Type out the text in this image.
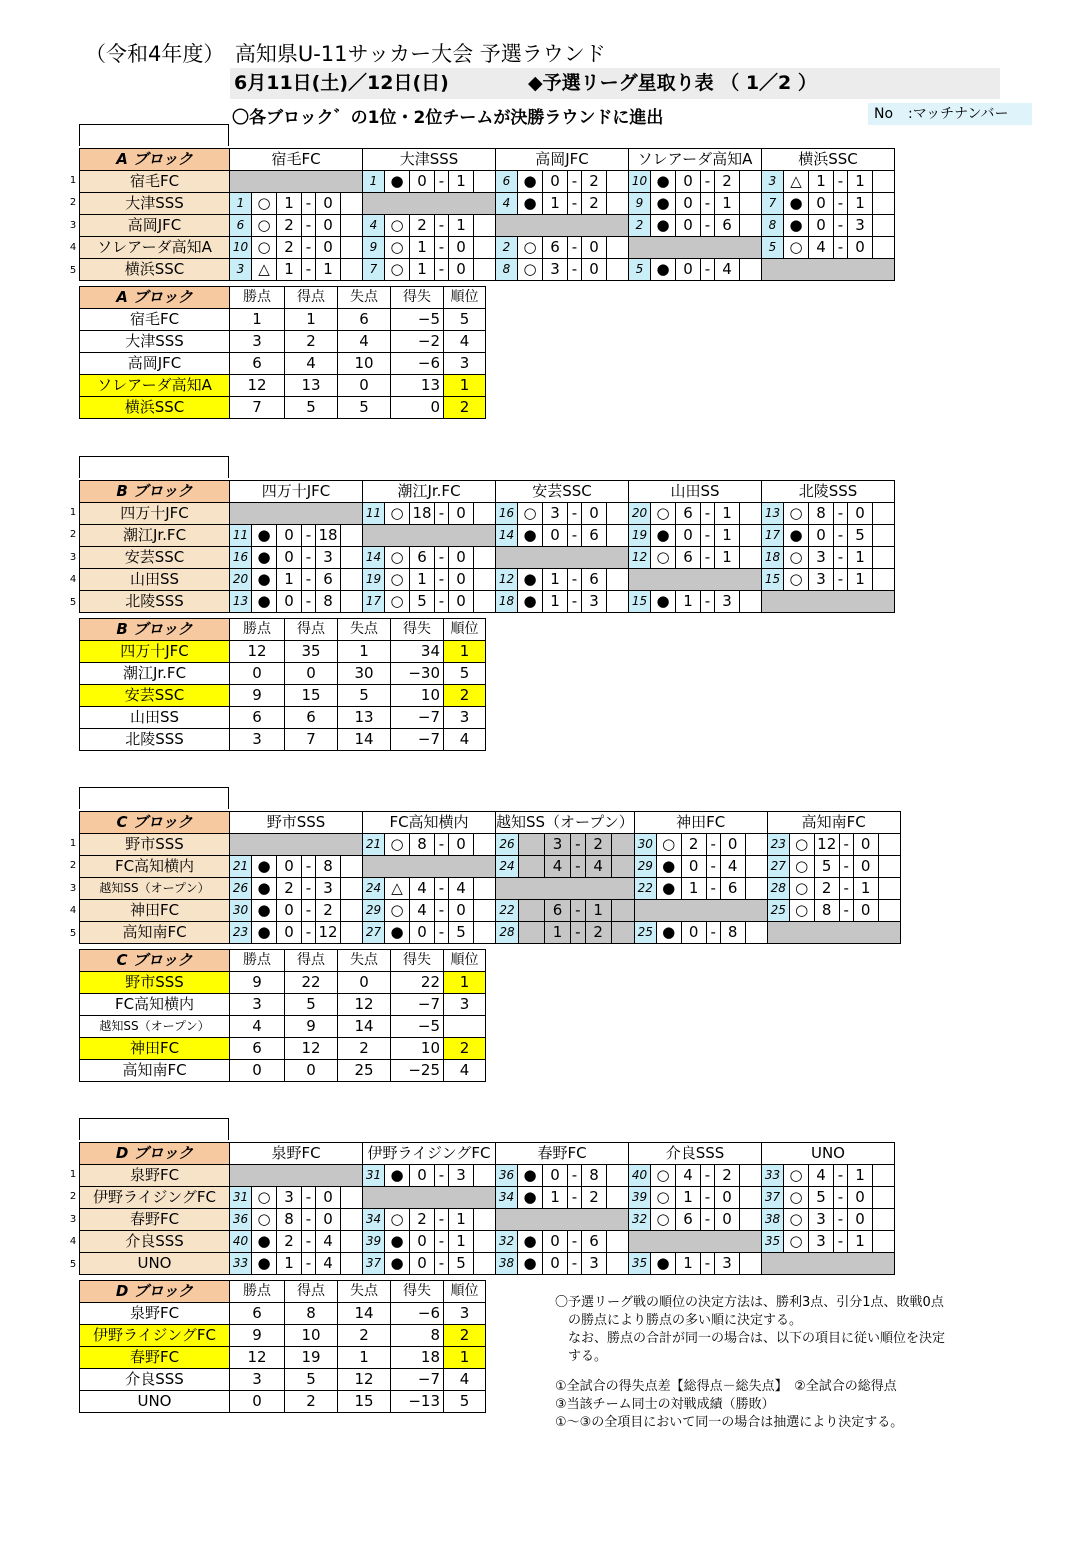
（令和4年度）　高知県U-11サッカー大会 予選ラウンド
6月11日(土)／12日(日)	◆予選リーグ星取り表 （ 1／2 ）
〇各ブロック゛の1位・2位チームが決勝ラウンドに進出	No :マッチナンバー
A ブロック	宿毛FC						大津SSS						高岡JFC						ソレアーダ高知A						横浜SSC					
宿毛FC							1	●	0	-	1		6	●	0	-	2		10	●	0	-	2		3	△	1	-	1	
大津SSS	1	○	1	-	0								4	●	1	-	2		9	●	0	-	1		7	●	0	-	1	
高岡JFC	6	○	2	-	0		4	○	2	-	1								2	●	0	-	6		8	●	0	-	3	
ソレアーダ高知A	10	○	2	-	0		9	○	1	-	0		2	○	6	-	0								5	○	4	-	0	
横浜SSC	3	△	1	-	1		7	○	1	-	0		8	○	3	-	0		5	●	0	-	4							
1
2
3
4
5
A ブロック	勝点	得点	失点	得失	順位
宿毛FC	1	1	6	−5	5
大津SSS	3	2	4	−2	4
高岡JFC	6	4	10	−6	3
ソレアーダ高知A	12	13	0	13	1
横浜SSC	7	5	5	0	2
B ブロック	四万十JFC						潮江Jr.FC						安芸SSC						山田SS						北陵SSS					
四万十JFC							11	○	18	-	0		16	○	3	-	0		20	○	6	-	1		13	○	8	-	0	
潮江Jr.FC	11	●	0	-	18								14	●	0	-	6		19	●	0	-	1		17	●	0	-	5	
安芸SSC	16	●	0	-	3		14	○	6	-	0								12	○	6	-	1		18	○	3	-	1	
山田SS	20	●	1	-	6		19	○	1	-	0		12	●	1	-	6								15	○	3	-	1	
北陵SSS	13	●	0	-	8		17	○	5	-	0		18	●	1	-	3		15	●	1	-	3							
1
2
3
4
5
B ブロック	勝点	得点	失点	得失	順位
四万十JFC	12	35	1	34	1
潮江Jr.FC	0	0	30	−30	5
安芸SSC	9	15	5	10	2
山田SS	6	6	13	−7	3
北陵SSS	3	7	14	−7	4
C ブロック	野市SSS						FC高知横内						越知SS（オープン）						神田FC						高知南FC					
野市SSS							21	○	8	-	0		26		3	-	2		30	○	2	-	0		23	○	12	-	0	
FC高知横内	21	●	0	-	8								24		4	-	4		29	●	0	-	4		27	○	5	-	0	
越知SS（オープン）	26	●	2	-	3		24	△	4	-	4								22	●	1	-	6		28	○	2	-	1	
神田FC	30	●	0	-	2		29	○	4	-	0		22		6	-	1								25	○	8	-	0	
高知南FC	23	●	0	-	12		27	●	0	-	5		28		1	-	2		25	●	0	-	8							
1
2
3
4
5
C ブロック	勝点	得点	失点	得失	順位
野市SSS	9	22	0	22	1
FC高知横内	3	5	12	−7	3
越知SS（オープン）	4	9	14	−5	
神田FC	6	12	2	10	2
高知南FC	0	0	25	−25	4
D ブロック	泉野FC						伊野ライジングFC						春野FC						介良SSS						UNO					
泉野FC							31	●	0	-	3		36	●	0	-	8		40	○	4	-	2		33	○	4	-	1	
伊野ライジングFC	31	○	3	-	0								34	●	1	-	2		39	○	1	-	0		37	○	5	-	0	
春野FC	36	○	8	-	0		34	○	2	-	1								32	○	6	-	0		38	○	3	-	0	
介良SSS	40	●	2	-	4		39	●	0	-	1		32	●	0	-	6								35	○	3	-	1	
UNO	33	●	1	-	4		37	●	0	-	5		38	●	0	-	3		35	●	1	-	3							
1
2
3
4
5
D ブロック	勝点	得点	失点	得失	順位
泉野FC	6	8	14	−6	3
伊野ライジングFC	9	10	2	8	2
春野FC	12	19	1	18	1
介良SSS	3	5	12	−7	4
UNO	0	2	15	−13	5
〇予選リーグ戦の順位の決定方法は、勝利3点、引分1点、敗戦0点
　の勝点により勝点の多い順に決定する。
　なお、勝点の合計が同一の場合は、以下の項目に従い順位を決定
　する。
①全試合の得失点差【総得点－総失点】　②全試合の総得点
③当該チーム同士の対戦成績（勝敗）
①～③の全項目において同一の場合は抽選により決定する。
